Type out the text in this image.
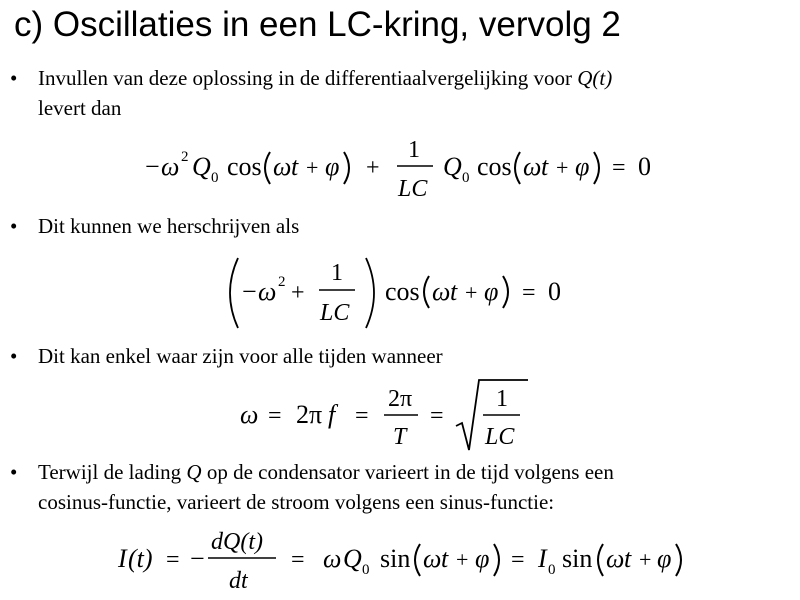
c) Oscillaties in een LC-kring, vervolg 2
• Invullen van deze oplossing in de differentiaalvergelijking voor Q(t)
levert dan
− ω 2 Q 0 cos ω t + φ +
1
LC
Q 0 cos ω t + φ = 0
• Dit kunnen we herschrijven als
− ω 2 +
1
LC
cos ω t + φ = 0
• Dit kan enkel waar zijn voor alle tijden wanneer
ω = 2π f =
2π
T
=
1
LC
• Terwijl de lading Q op de condensator varieert in de tijd volgens een
cosinus-functie, varieert de stroom volgens een sinus-functie:
I (t) = −
dQ(t)
dt
= ω Q 0 sin ω t + φ = I 0 sin ω t + φ
